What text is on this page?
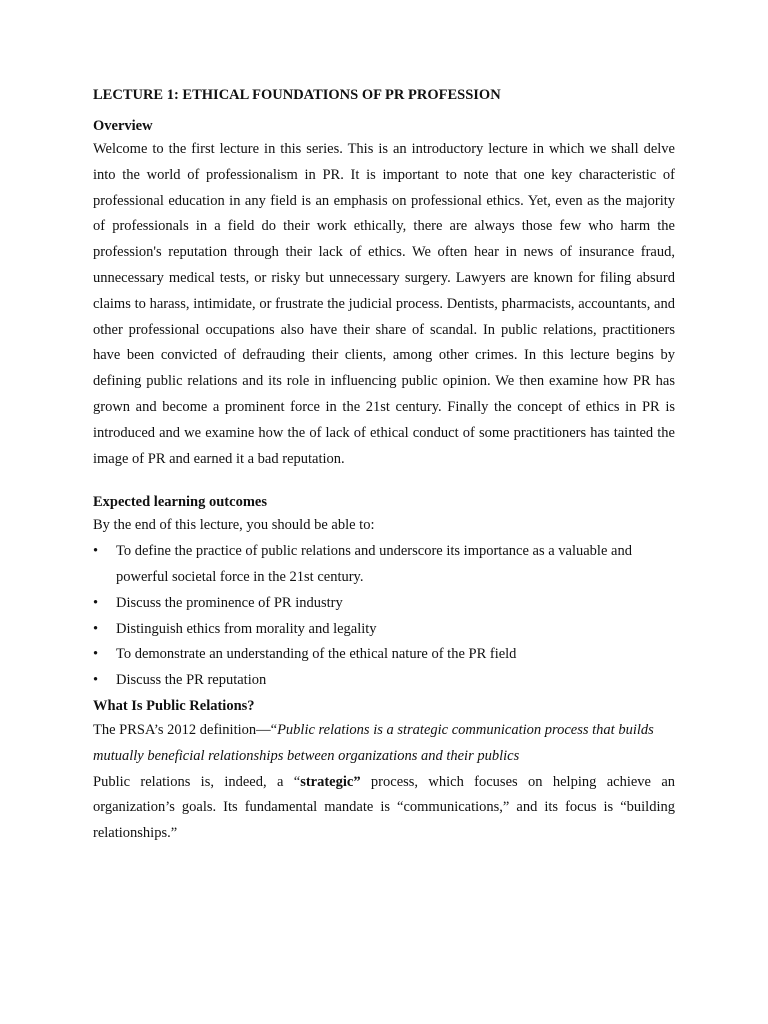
LECTURE 1: ETHICAL FOUNDATIONS OF PR PROFESSION
Overview

Welcome to the first lecture in this series. This is an introductory lecture in which we shall delve into the world of professionalism in PR. It is important to note that one key characteristic of professional education in any field is an emphasis on professional ethics. Yet, even as the majority of professionals in a field do their work ethically, there are always those few who harm the profession's reputation through their lack of ethics. We often hear in news of insurance fraud, unnecessary medical tests, or risky but unnecessary surgery. Lawyers are known for filing absurd claims to harass, intimidate, or frustrate the judicial process. Dentists, pharmacists, accountants, and other professional occupations also have their share of scandal. In public relations, practitioners have been convicted of defrauding their clients, among other crimes. In this lecture begins by defining public relations and its role in influencing public opinion. We then examine how PR has grown and become a prominent force in the 21st century. Finally the concept of ethics in PR is introduced and we examine how the of lack of ethical conduct of some practitioners has tainted the image of PR and earned it a bad reputation.

Expected learning outcomes

By the end of this lecture, you should be able to:

• To define the practice of public relations and underscore its importance as a valuable and powerful societal force in the 21st century.
• Discuss the prominence of PR industry
• Distinguish ethics from morality and legality
• To demonstrate an understanding of the ethical nature of the PR field
• Discuss the PR reputation
What Is Public Relations?

The PRSA’s 2012 definition—“Public relations is a strategic communication process that builds mutually beneficial relationships between organizations and their publics

Public relations is, indeed, a “strategic” process, which focuses on helping achieve an organization’s goals. Its fundamental mandate is “communications,” and its focus is “building relationships.”
